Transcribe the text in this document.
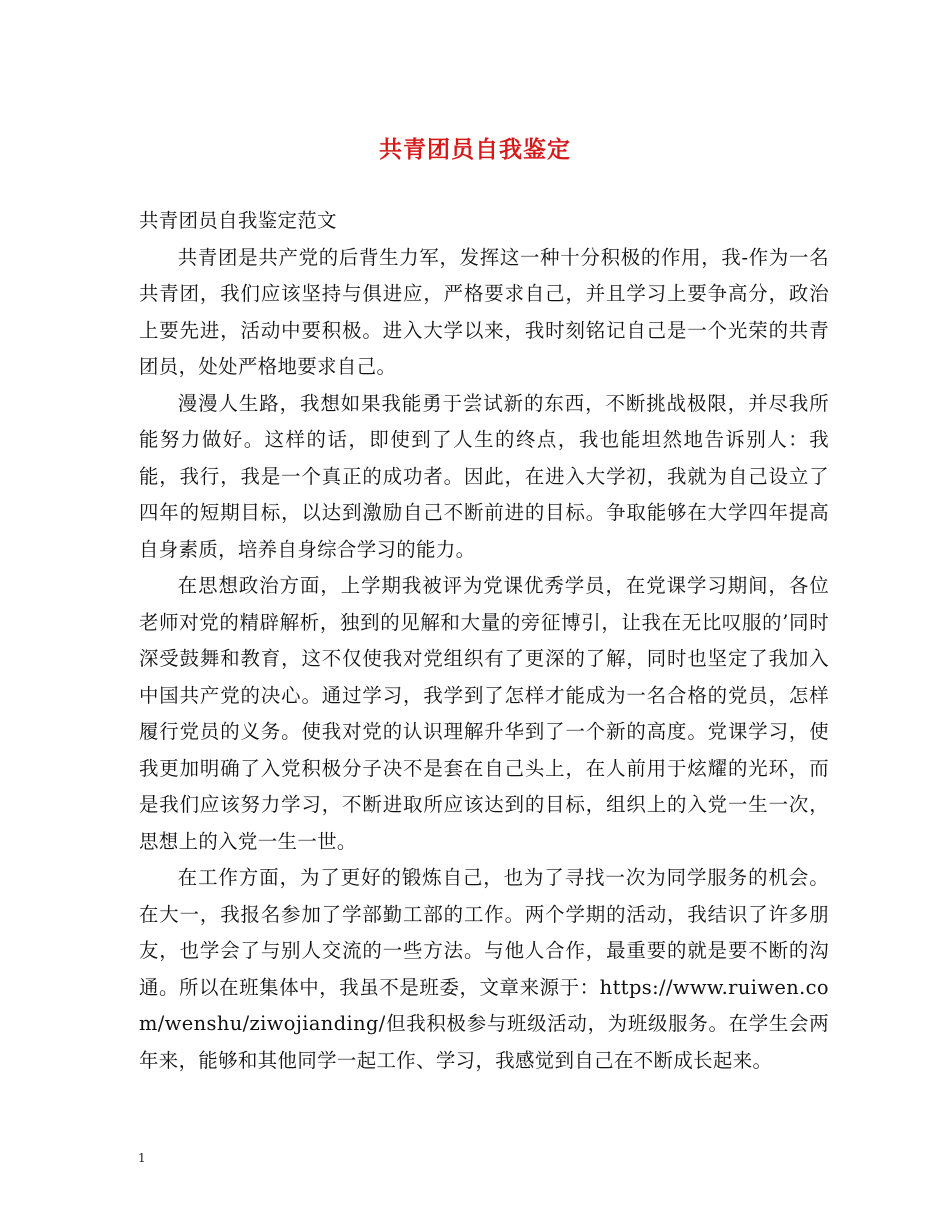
共青团员自我鉴定

共青团员自我鉴定范文

共青团是共产党的后背生力军，发挥这一种十分积极的作用，我-作为一名共青团，我们应该坚持与俱进应，严格要求自己，并且学习上要争高分，政治上要先进，活动中要积极。进入大学以来，我时刻铭记自己是一个光荣的共青团员，处处严格地要求自己。

漫漫人生路，我想如果我能勇于尝试新的东西，不断挑战极限，并尽我所能努力做好。这样的话，即使到了人生的终点，我也能坦然地告诉别人：我能，我行，我是一个真正的成功者。因此，在进入大学初，我就为自己设立了四年的短期目标，以达到激励自己不断前进的目标。争取能够在大学四年提高自身素质，培养自身综合学习的能力。

在思想政治方面，上学期我被评为党课优秀学员，在党课学习期间，各位老师对党的精辟解析，独到的见解和大量的旁征博引，让我在无比叹服的’同时深受鼓舞和教育，这不仅使我对党组织有了更深的了解，同时也坚定了我加入中国共产党的决心。通过学习，我学到了怎样才能成为一名合格的党员，怎样履行党员的义务。使我对党的认识理解升华到了一个新的高度。党课学习，使我更加明确了入党积极分子决不是套在自己头上，在人前用于炫耀的光环，而是我们应该努力学习，不断进取所应该达到的目标，组织上的入党一生一次，思想上的入党一生一世。

在工作方面，为了更好的锻炼自己，也为了寻找一次为同学服务的机会。在大一，我报名参加了学部勤工部的工作。两个学期的活动，我结识了许多朋友，也学会了与别人交流的一些方法。与他人合作，最重要的就是要不断的沟通。所以在班集体中，我虽不是班委，文章来源于：https://www.ruiwen.com/wenshu/ziwojianding/但我积极参与班级活动，为班级服务。在学生会两年来，能够和其他同学一起工作、学习，我感觉到自己在不断成长起来。

1
